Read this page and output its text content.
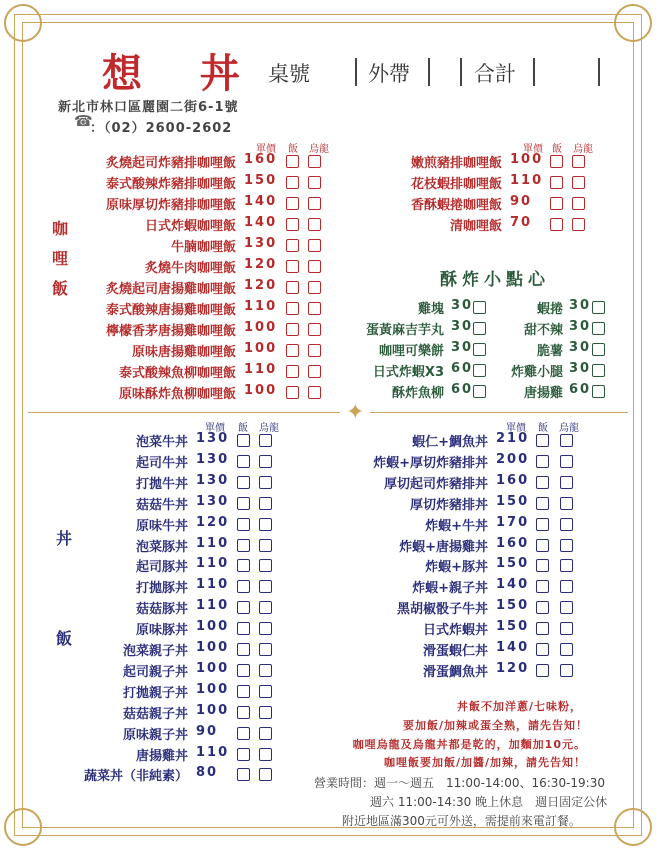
想 丼 桌號	外帶	合計
新北市林口區麗園二街6-1號
☎
：（02）2600-2602
咖
哩
飯
丼
飯
酥炸小點心
✦
單價 飯 烏龍
炙燒起司炸豬排咖哩飯 160
泰式酸辣炸豬排咖哩飯 150
原味厚切炸豬排咖哩飯 140
日式炸蝦咖哩飯 140
牛腩咖哩飯 130
炙燒牛肉咖哩飯 120
炙燒起司唐揚雞咖哩飯 120
泰式酸辣唐揚雞咖哩飯 110
檸檬香茅唐揚雞咖哩飯 100
原味唐揚雞咖哩飯 100
泰式酸辣魚柳咖哩飯 110
原味酥炸魚柳咖哩飯 100
單價 飯 烏龍
嫩煎豬排咖哩飯 100
花枝蝦排咖哩飯 110
香酥蝦捲咖哩飯 90
清咖哩飯 70
雞塊 30
蛋黃麻吉芋丸 30
咖哩可樂餅 30
日式炸蝦X3 60
酥炸魚柳 60
蝦捲 30
甜不辣 30
脆薯 30
炸雞小腿 30
唐揚雞 60
單價 飯 烏龍
泡菜牛丼 130
起司牛丼 130
打拋牛丼 130
菇菇牛丼 130
原味牛丼 120
泡菜豚丼 110
起司豚丼 110
打拋豚丼 110
菇菇豚丼 110
原味豚丼 100
泡菜親子丼 100
起司親子丼 100
打拋親子丼 100
菇菇親子丼 100
原味親子丼 90
唐揚雞丼 110
蔬菜丼（非純素） 80
單價 飯 烏龍
蝦仁+鯛魚丼 210
炸蝦+厚切炸豬排丼 200
厚切起司炸豬排丼 160
厚切炸豬排丼 150
炸蝦+牛丼 170
炸蝦+唐揚雞丼 160
炸蝦+豚丼 150
炸蝦+親子丼 140
黑胡椒骰子牛丼 150
日式炸蝦丼 150
滑蛋蝦仁丼 140
滑蛋鯛魚丼 120
丼飯不加洋蔥/七味粉，
要加飯/加辣或蛋全熟，請先告知！
咖哩烏龍及烏龍丼都是乾的，加麵加10元。
咖哩飯要加飯/加醬/加辣，請先告知！
營業時間：週一～週五　11:00-14:00、16:30-19:30
週六 11:00-14:30 晚上休息　週日固定公休
附近地區滿300元可外送，需提前來電訂餐。
